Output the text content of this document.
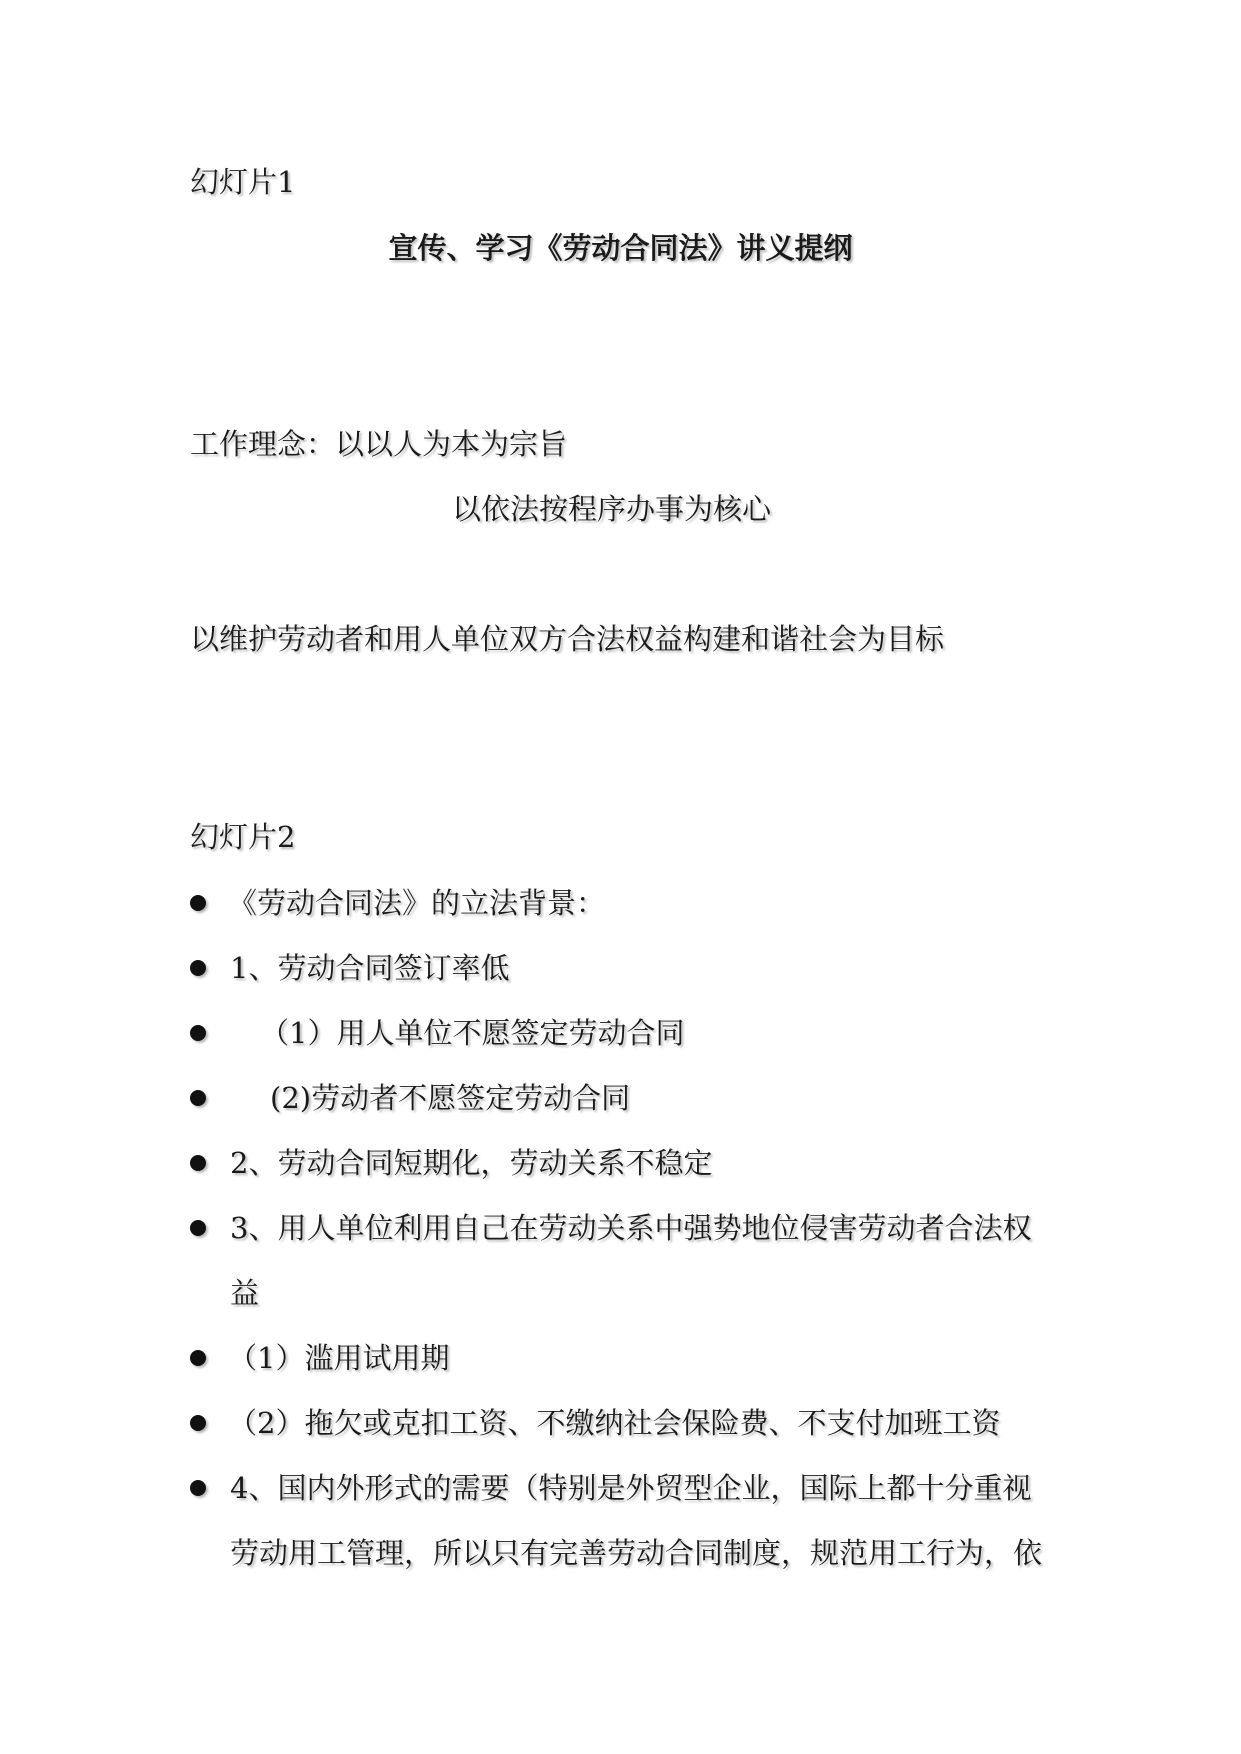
幻灯片1
宣传、学习《劳动合同法》讲义提纲
工作理念：以以人为本为宗旨
以依法按程序办事为核心
以维护劳动者和用人单位双方合法权益构建和谐社会为目标
幻灯片2
《劳动合同法》的立法背景：
1、劳动合同签订率低
（1）用人单位不愿签定劳动合同
(2)劳动者不愿签定劳动合同
2、劳动合同短期化，劳动关系不稳定
3、用人单位利用自己在劳动关系中强势地位侵害劳动者合法权
益
（1）滥用试用期
（2）拖欠或克扣工资、不缴纳社会保险费、不支付加班工资
4、国内外形式的需要（特别是外贸型企业，国际上都十分重视
劳动用工管理，所以只有完善劳动合同制度，规范用工行为，依
